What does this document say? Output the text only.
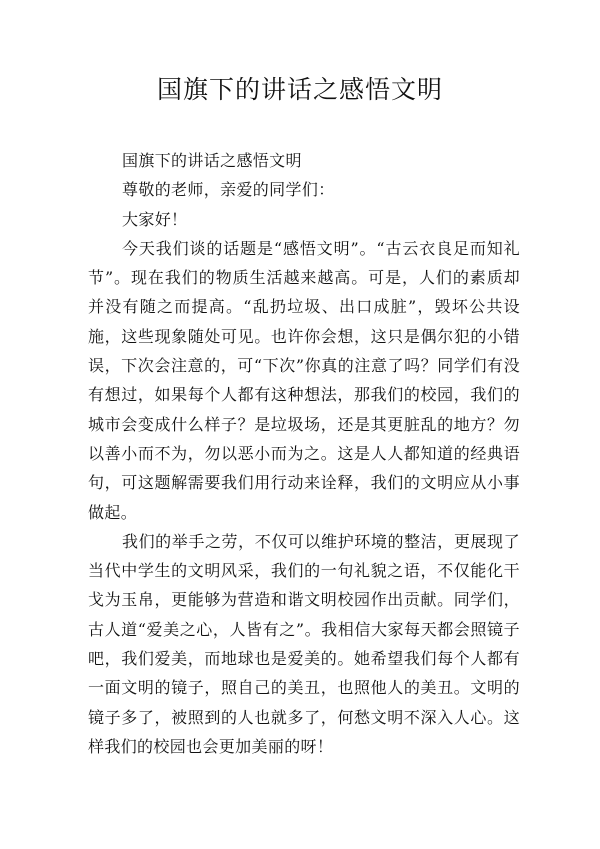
国旗下的讲话之感悟文明

国旗下的讲话之感悟文明

尊敬的老师，亲爱的同学们：

大家好！

今天我们谈的话题是“感悟文明”。“古云衣良足而知礼节”。现在我们的物质生活越来越高。可是，人们的素质却并没有随之而提高。“乱扔垃圾、出口成脏”，毁坏公共设施，这些现象随处可见。也许你会想，这只是偶尔犯的小错误，下次会注意的，可“下次”你真的注意了吗？同学们有没有想过，如果每个人都有这种想法，那我们的校园，我们的城市会变成什么样子？是垃圾场，还是其更脏乱的地方？勿以善小而不为，勿以恶小而为之。这是人人都知道的经典语句，可这题解需要我们用行动来诠释，我们的文明应从小事做起。

我们的举手之劳，不仅可以维护环境的整洁，更展现了当代中学生的文明风采，我们的一句礼貌之语，不仅能化干戈为玉帛，更能够为营造和谐文明校园作出贡献。同学们，古人道“爱美之心，人皆有之”。我相信大家每天都会照镜子吧，我们爱美，而地球也是爱美的。她希望我们每个人都有一面文明的镜子，照自己的美丑，也照他人的美丑。文明的镜子多了，被照到的人也就多了，何愁文明不深入人心。这样我们的校园也会更加美丽的呀！
